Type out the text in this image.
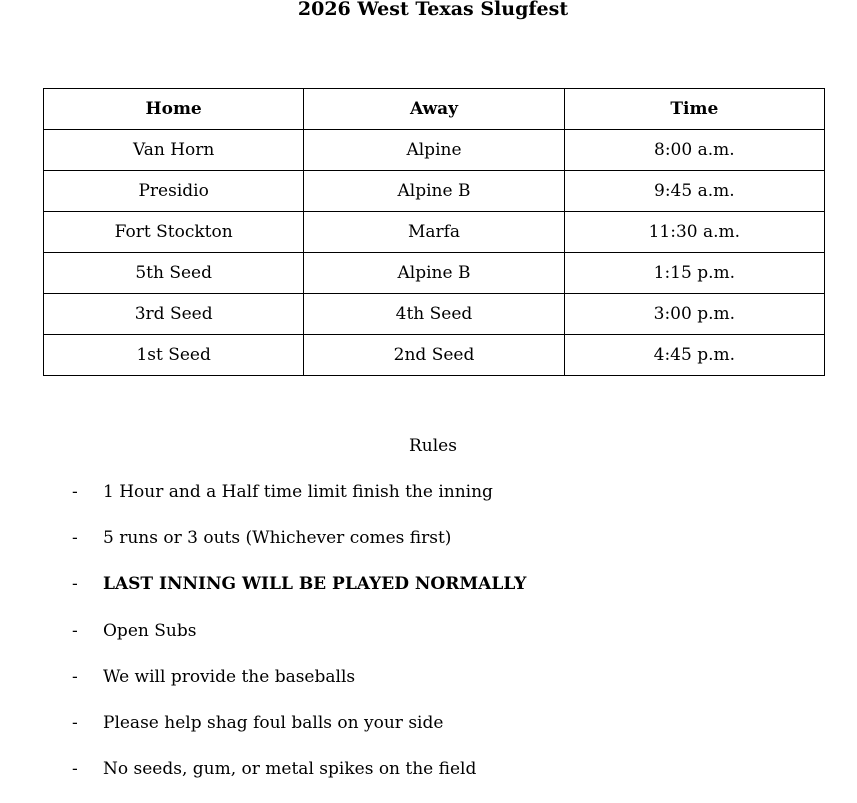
2026 West Texas Slugfest
Home	Away	Time
Van Horn	Alpine	8:00 a.m.
Presidio	Alpine B	9:45 a.m.
Fort Stockton	Marfa	11:30 a.m.
5th Seed	Alpine B	1:15 p.m.
3rd Seed	4th Seed	3:00 p.m.
1st Seed	2nd Seed	4:45 p.m.
Rules
- 1 Hour and a Half time limit finish the inning
- 5 runs or 3 outs (Whichever comes first)
- LAST INNING WILL BE PLAYED NORMALLY
- Open Subs
- We will provide the baseballs
- Please help shag foul balls on your side
- No seeds, gum, or metal spikes on the field
